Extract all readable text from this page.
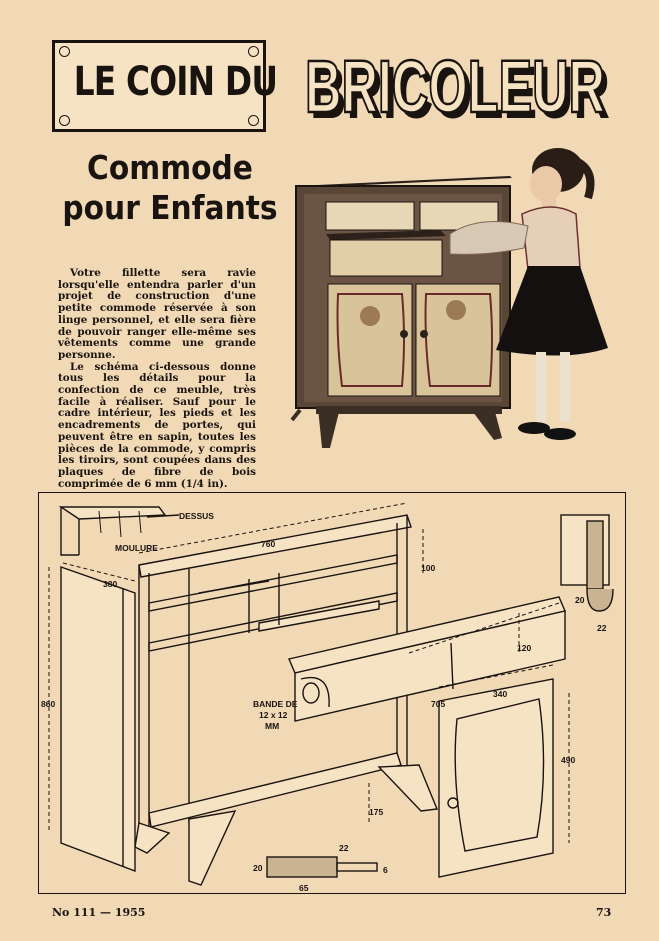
LE COIN DU BRICOLEUR
BRICOLEUR
Commode
pour Enfants

Votre fillette sera ravie lorsqu'elle entendra parler d'un projet de construction d'une petite commode réservée à son linge personnel, et elle sera fière de pouvoir ranger elle-même ses vêtements comme une grande personne.

Le schéma ci-dessous donne tous les détails pour la confection de ce meuble, très facile à réaliser. Sauf pour le cadre intérieur, les pieds et les encadrements de portes, qui peuvent être en sapin, toutes les pièces de la commode, y compris les tiroirs, sont coupées dans des plaques de fibre de bois comprimée de 6 mm (1/4 in).

DESSUS
MOULURE	760
380
860
100
120
705
340
490
175
BANDE DE
12 x 12
MM
20
22
22
20	6
65
No 111 — 1955	73
